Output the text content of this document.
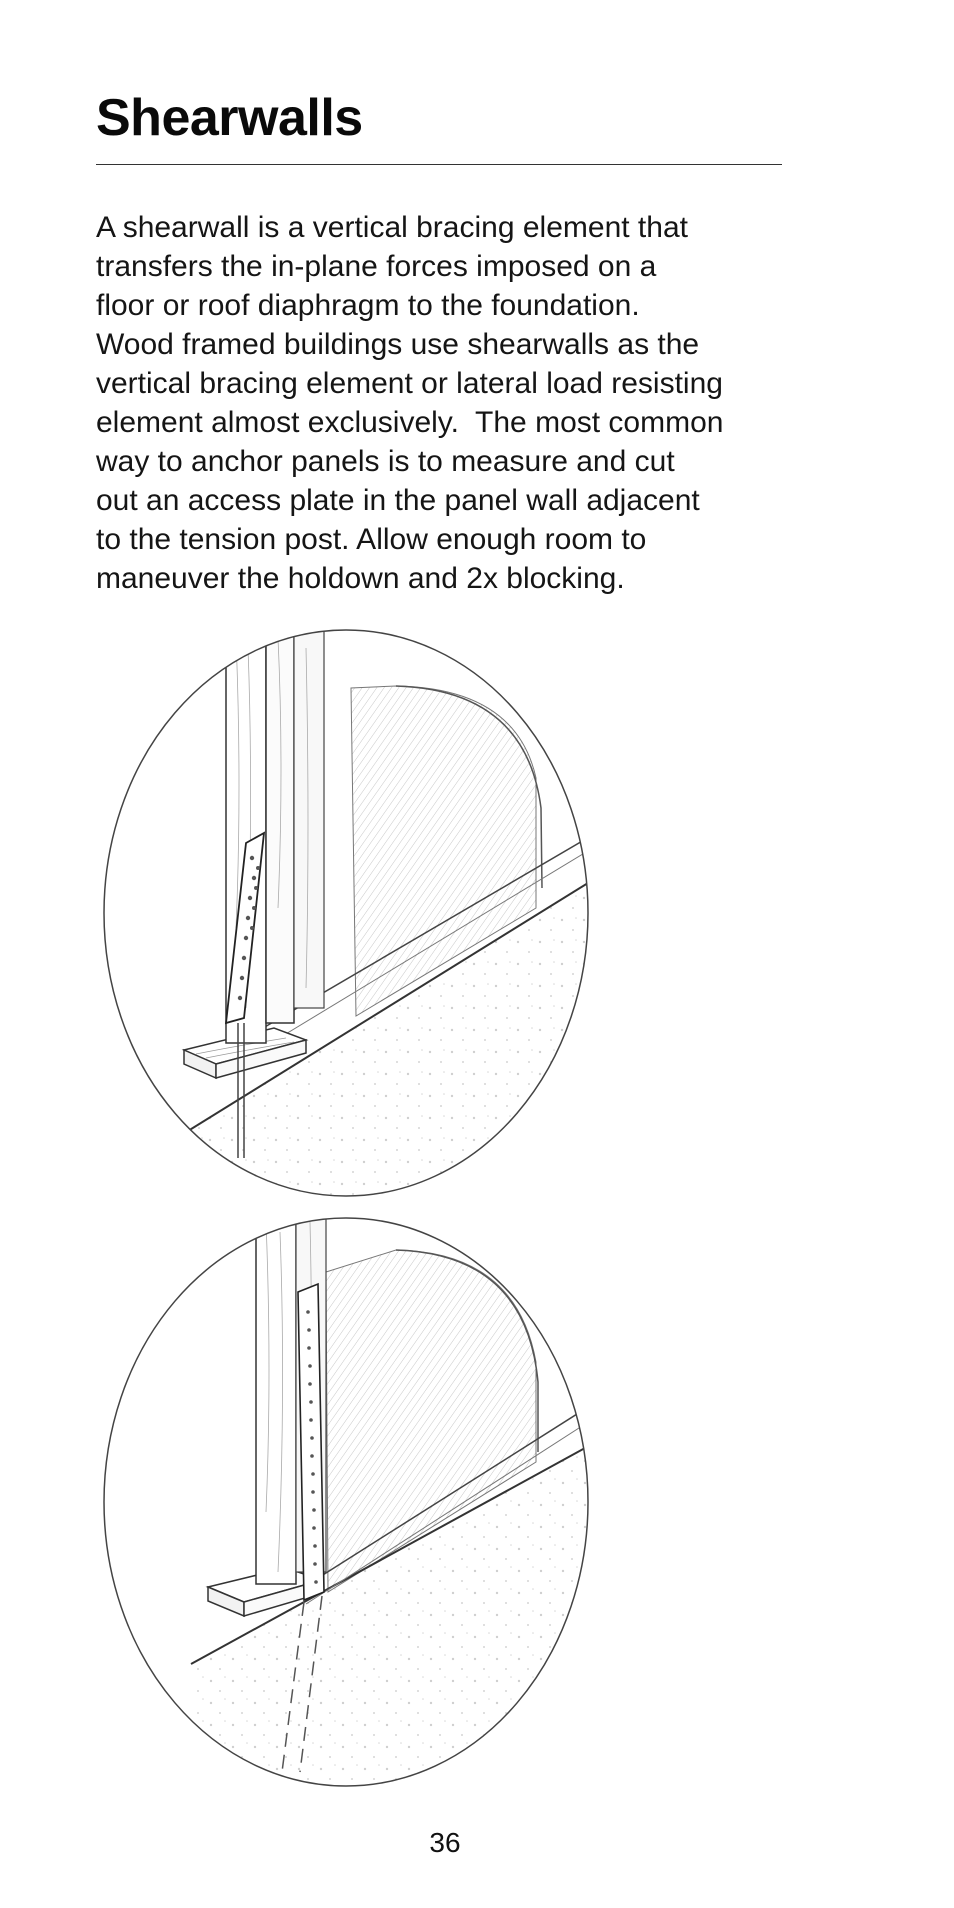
Shearwalls
A shearwall is a vertical bracing element that
transfers the in-plane forces imposed on a
floor or roof diaphragm to the foundation.
Wood framed buildings use shearwalls as the
vertical bracing element or lateral load resisting
element almost exclusively.  The most common
way to anchor panels is to measure and cut
out an access plate in the panel wall adjacent
to the tension post. Allow enough room to
maneuver the holdown and 2x blocking.
36
